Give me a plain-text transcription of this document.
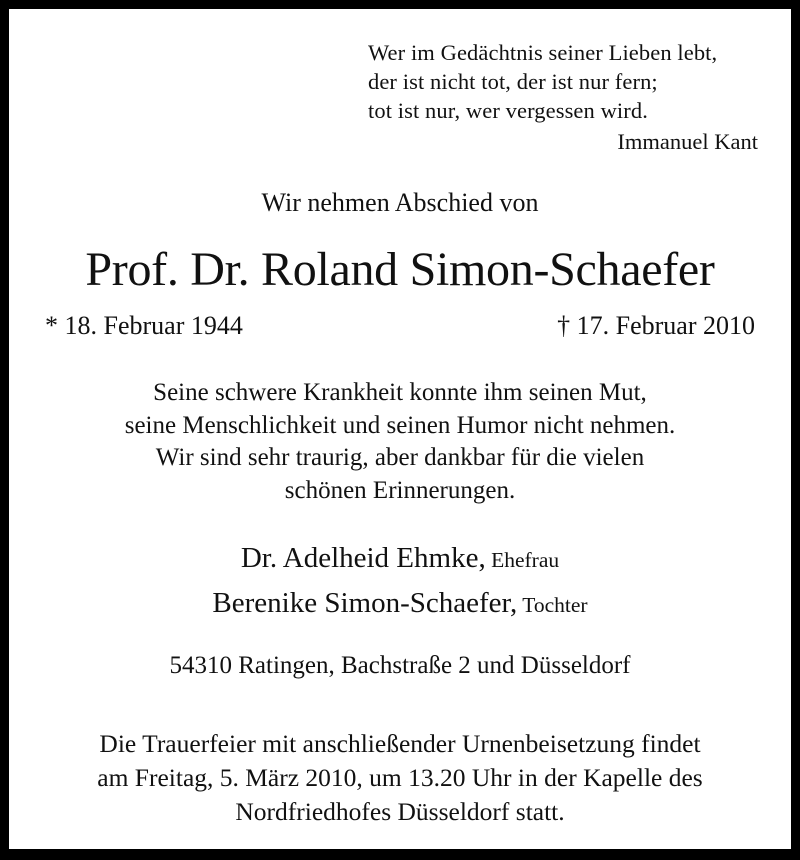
Wer im Gedächtnis seiner Lieben lebt,
der ist nicht tot, der ist nur fern;
tot ist nur, wer vergessen wird.
Immanuel Kant
Wir nehmen Abschied von
Prof. Dr. Roland Simon-Schaefer
* 18. Februar 1944	† 17. Februar 2010
Seine schwere Krankheit konnte ihm seinen Mut,
seine Menschlichkeit und seinen Humor nicht nehmen.
Wir sind sehr traurig, aber dankbar für die vielen
schönen Erinnerungen.
Dr. Adelheid Ehmke, Ehefrau
Berenike Simon-Schaefer, Tochter
54310 Ratingen, Bachstraße 2 und Düsseldorf
Die Trauerfeier mit anschließender Urnenbeisetzung findet
am Freitag, 5. März 2010, um 13.20 Uhr in der Kapelle des
Nordfriedhofes Düsseldorf statt.
